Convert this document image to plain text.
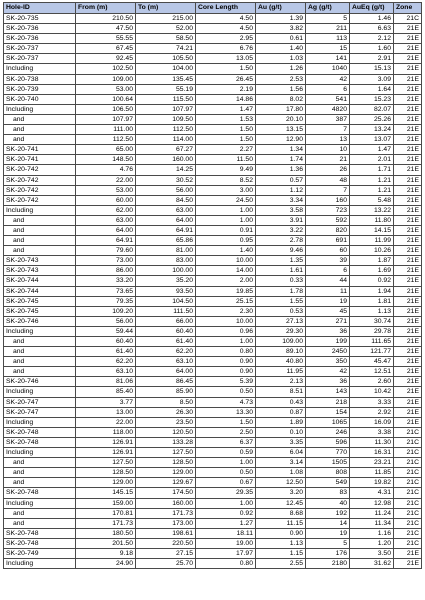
Hole-ID	From (m)	To (m)	Core Length	Au (g/t)	Ag (g/t)	AuEq (g/t)	Zone
SK-20-735	210.50	215.00	4.50	1.39	5	1.46	21C
SK-20-736	47.50	52.00	4.50	3.82	211	6.63	21E
SK-20-736	55.55	58.50	2.95	0.61	113	2.12	21E
SK-20-737	67.45	74.21	6.76	1.40	15	1.60	21E
SK-20-737	92.45	105.50	13.05	1.03	141	2.91	21E
Including	102.50	104.00	1.50	1.26	1040	15.13	21E
SK-20-738	109.00	135.45	26.45	2.53	42	3.09	21E
SK-20-739	53.00	55.19	2.19	1.56	6	1.64	21E
SK-20-740	100.64	115.50	14.86	8.02	541	15.23	21E
Including	106.50	107.97	1.47	17.80	4820	82.07	21E
and	107.97	109.50	1.53	20.10	387	25.26	21E
and	111.00	112.50	1.50	13.15	7	13.24	21E
and	112.50	114.00	1.50	12.90	13	13.07	21E
SK-20-741	65.00	67.27	2.27	1.34	10	1.47	21E
SK-20-741	148.50	160.00	11.50	1.74	21	2.01	21E
SK-20-742	4.76	14.25	9.49	1.36	26	1.71	21E
SK-20-742	22.00	30.52	8.52	0.57	48	1.21	21E
SK-20-742	53.00	56.00	3.00	1.12	7	1.21	21E
SK-20-742	60.00	84.50	24.50	3.34	160	5.48	21E
Including	62.00	63.00	1.00	3.58	723	13.22	21E
and	63.00	64.00	1.00	3.91	592	11.80	21E
and	64.00	64.91	0.91	3.22	820	14.15	21E
and	64.91	65.86	0.95	2.78	691	11.99	21E
and	79.60	81.00	1.40	9.46	60	10.26	21E
SK-20-743	73.00	83.00	10.00	1.35	39	1.87	21E
SK-20-743	86.00	100.00	14.00	1.61	6	1.69	21E
SK-20-744	33.20	35.20	2.00	0.33	44	0.92	21E
SK-20-744	73.65	93.50	19.85	1.78	11	1.94	21E
SK-20-745	79.35	104.50	25.15	1.55	19	1.81	21E
SK-20-745	109.20	111.50	2.30	0.53	45	1.13	21E
SK-20-746	56.00	66.00	10.00	27.13	271	30.74	21E
Including	59.44	60.40	0.96	29.30	36	29.78	21E
and	60.40	61.40	1.00	109.00	199	111.65	21E
and	61.40	62.20	0.80	89.10	2450	121.77	21E
and	62.20	63.10	0.90	40.80	350	45.47	21E
and	63.10	64.00	0.90	11.95	42	12.51	21E
SK-20-746	81.06	86.45	5.39	2.13	36	2.60	21E
Including	85.40	85.90	0.50	8.51	143	10.42	21E
SK-20-747	3.77	8.50	4.73	0.43	218	3.33	21E
SK-20-747	13.00	26.30	13.30	0.87	154	2.92	21E
Including	22.00	23.50	1.50	1.89	1065	16.09	21E
SK-20-748	118.00	120.50	2.50	0.10	246	3.38	21C
SK-20-748	126.91	133.28	6.37	3.35	596	11.30	21C
Including	126.91	127.50	0.59	6.04	770	16.31	21C
and	127.50	128.50	1.00	3.14	1505	23.21	21C
and	128.50	129.00	0.50	1.08	808	11.85	21C
and	129.00	129.67	0.67	12.50	549	19.82	21C
SK-20-748	145.15	174.50	29.35	3.20	83	4.31	21C
Including	159.00	160.00	1.00	12.45	40	12.98	21C
and	170.81	171.73	0.92	8.68	192	11.24	21C
and	171.73	173.00	1.27	11.15	14	11.34	21C
SK-20-748	180.50	198.61	18.11	0.90	19	1.16	21C
SK-20-748	201.50	220.50	19.00	1.13	5	1.20	21C
SK-20-749	9.18	27.15	17.97	1.15	176	3.50	21E
Including	24.90	25.70	0.80	2.55	2180	31.62	21E
